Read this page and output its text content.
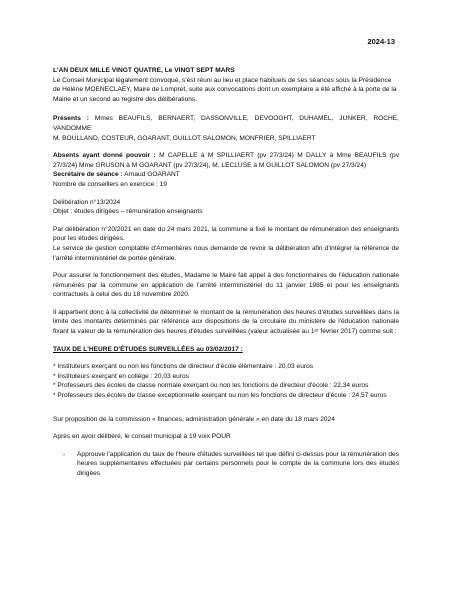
2024-13

L'AN DEUX MILLE VINGT QUATRE, Le VINGT SEPT MARS

Le Conseil Municipal légalement convoqué, s'est réuni au lieu et place habituels de ses séances sous la Présidence de Hélène MOENECLAEY, Maire de Lompret, suite aux convocations dont un exemplaire a été affiché à la porte de la Mairie et un second au registre des délibérations.

Présents : Mmes BEAUFILS, BERNAERT, DASSONVILLE, DEVOOGHT, DUHAMEL, JUNKER, ROCHE, VANDOMME

M. BOULLAND, COSTEUR, GOARANT, GUILLOT SALOMON, MONFRIER, SPILLIAERT

Absents ayant donné pouvoir : M CAPELLE à M SPILLIAERT (pv 27/3/24) M DALLY à Mme BEAUFILS (pv 27/3/24) Mme GRUSON à M GOARANT (pv 27/3/24), M. LECLUSE à M GUILLOT SALOMON (pv 27/3/24)

Secrétaire de séance : Arnaud GOARANT

Nombre de conseillers en exercice : 19

Délibération n°13/2024

Objet : études dirigées – rémunération enseignants

Par délibération n°20/2021 en date du 24 mars 2021, la commune a fixé le montant de rémunération des enseignants pour les études dirigées.

Le service de gestion comptable d'Armentières nous demande de revoir la délibération afin d'intégrer la référence de l'arrêté interministériel de portée générale.

Pour assurer le fonctionnement des études, Madame le Maire fait appel à des fonctionnaires de l'éducation nationale rémunérés par la commune en application de l'arrêté interministériel du 11 janvier 1985 et pour les enseignants contractuels à celui des du 18 novembre 2020.

Il appartient donc à la collectivité de déterminer le montant de la rémunération des heures d'études surveillées dans la limite des montants déterminés par référence aux dispositions de la circulaire du ministère de l'éducation nationale fixant la valeur de la rémunération des heures d'études surveillées (valeur actualisée au 1ᵉʳ février 2017) comme suit :

TAUX DE L'HEURE D'ÉTUDES SURVEILLÉES au 03/02/2017 :

* Instituteurs exerçant ou non les fonctions de directeur d'école élémentaire : 20,03 euros
* Instituteurs exerçant en collège : 20,03 euros
* Professeurs des écoles de classe normale exerçant ou non les fonctions de directeur d'école : 22,34 euros
* Professeurs des écoles de classe exceptionnelle exerçant ou non les fonctions de directeur d'école : 24,57 euros

Sur proposition de la commission « finances, administration générale » en date du 18 mars 2024

Après en avoir délibéré, le conseil municipal à 19 voix POUR

-	Approuve l'application du taux de l'heure d'études surveillées tel que défini ci-dessus pour la rémunération des heures supplémentaires effectuées par certains personnels pour le compte de la commune lors des études dirigées
